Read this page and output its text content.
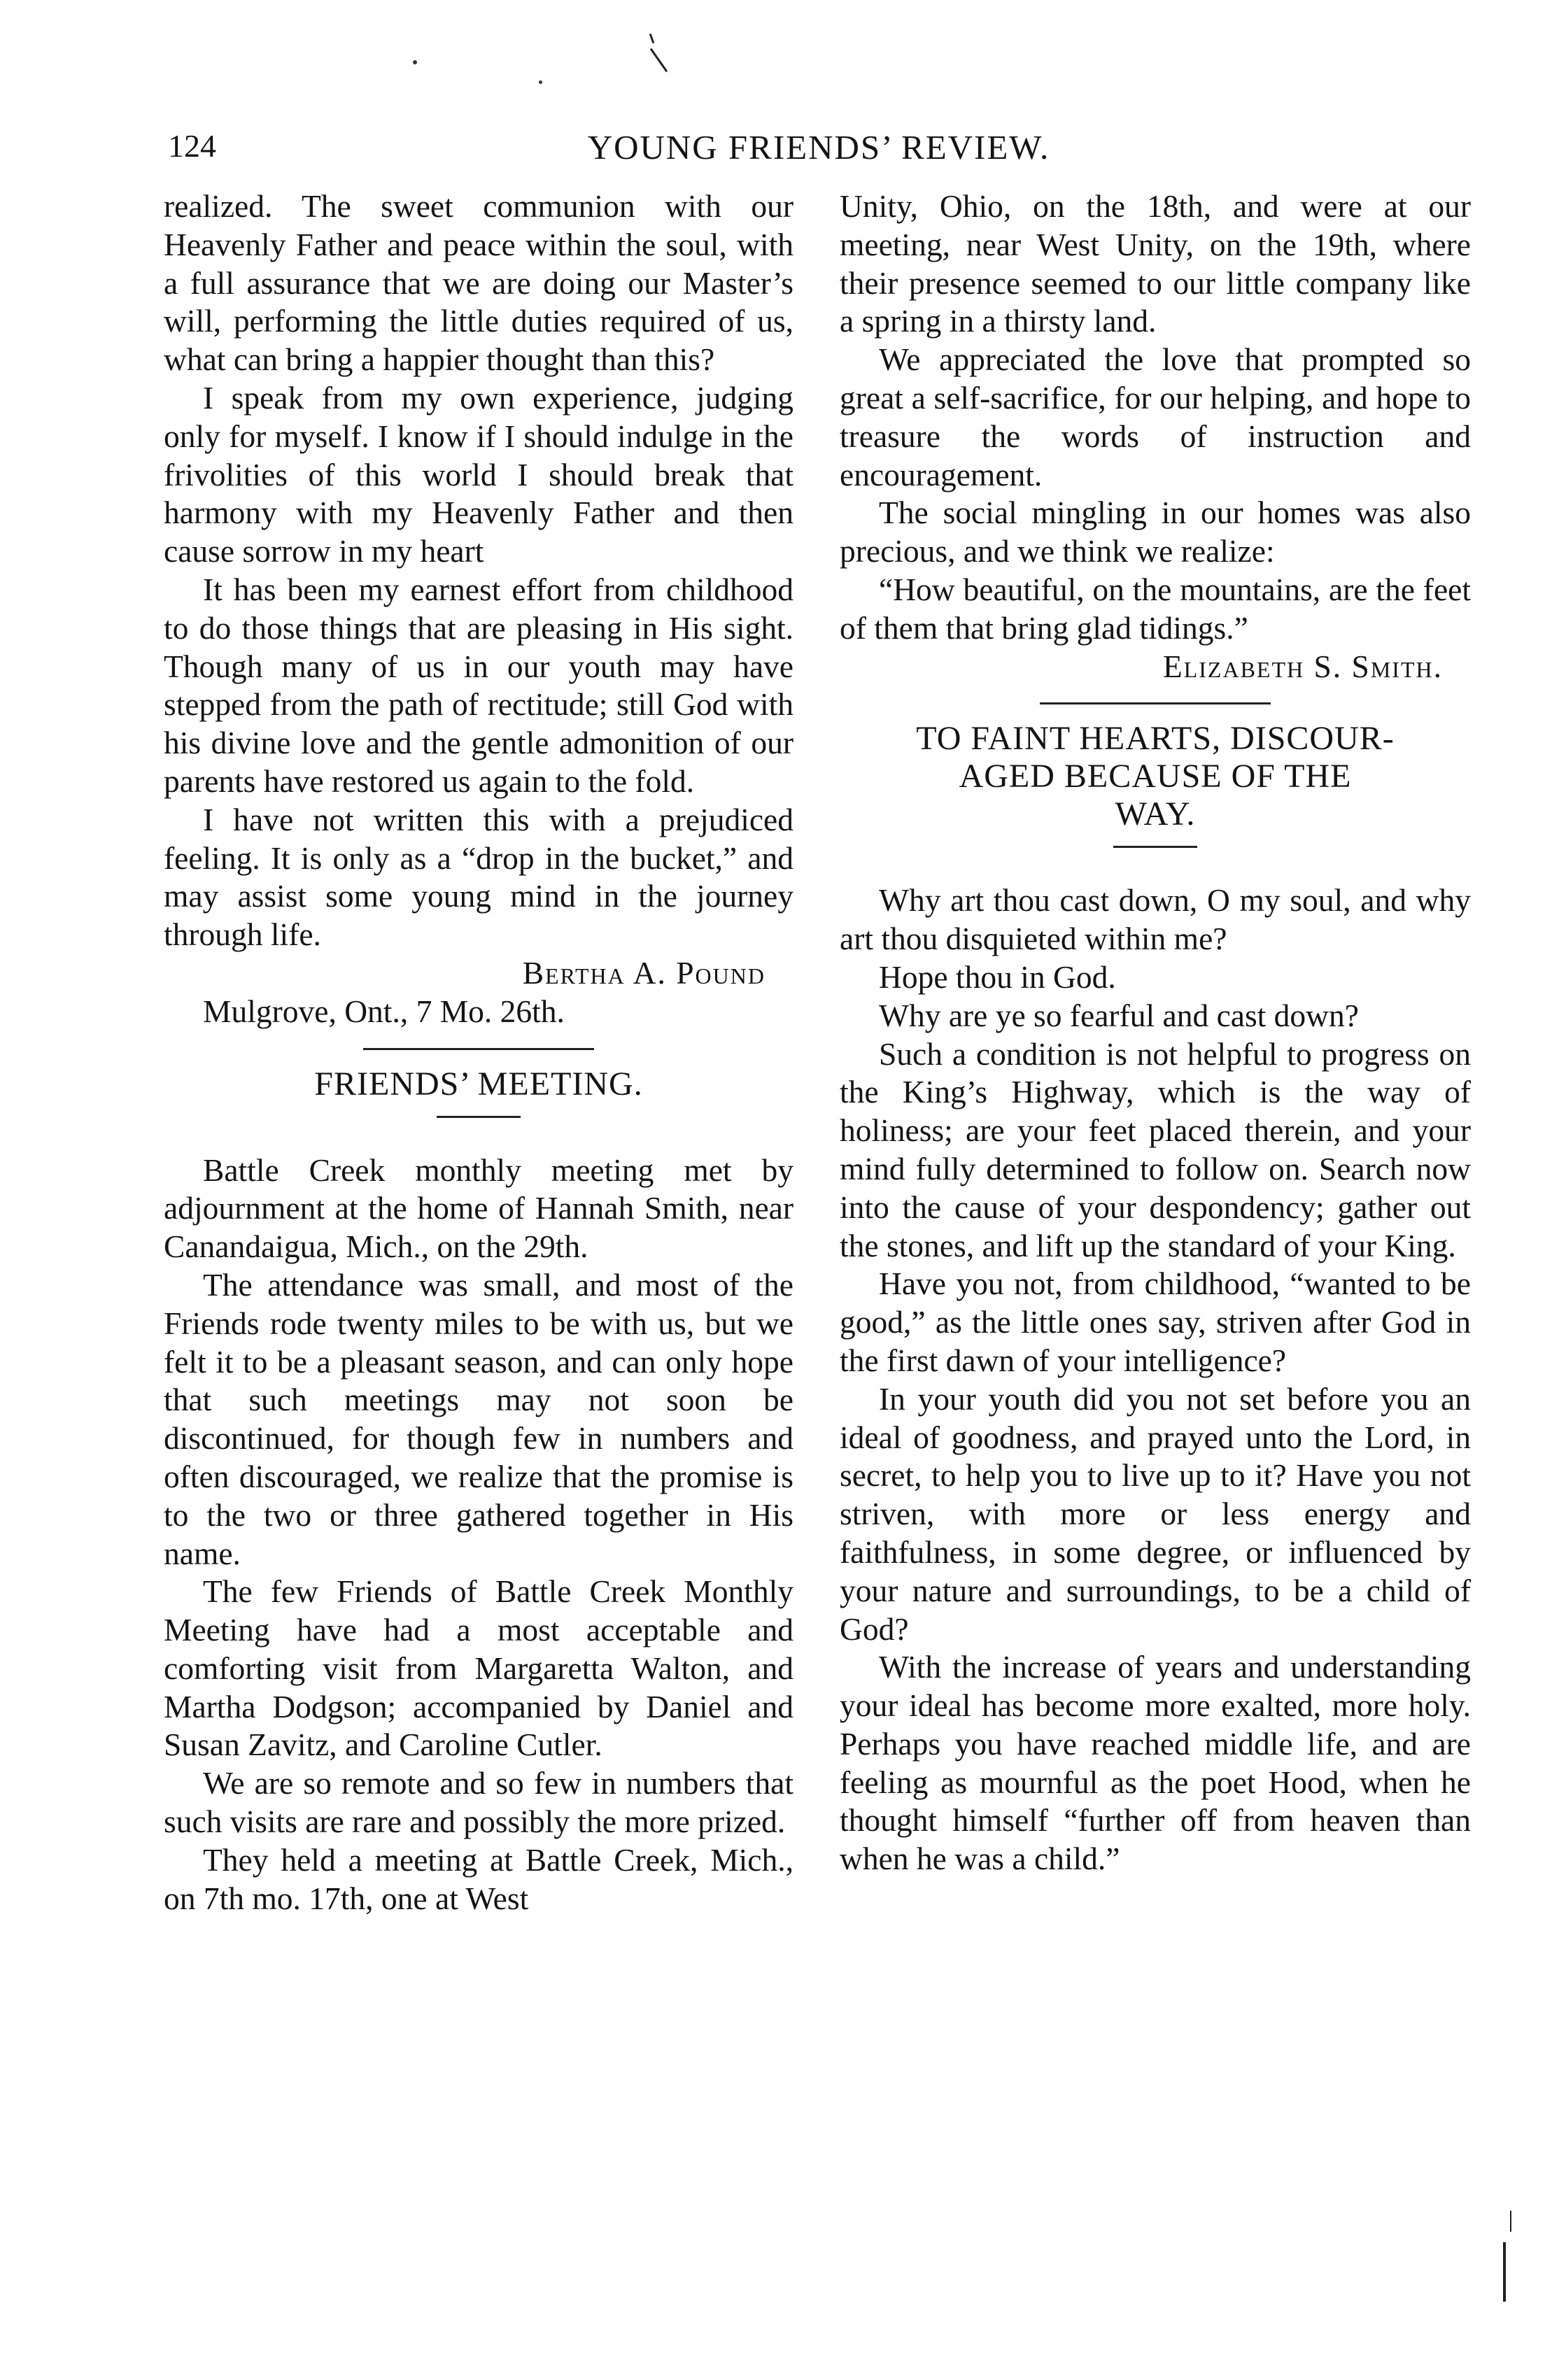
124	YOUNG FRIENDS’ REVIEW.

realized. The sweet communion with our Heavenly Father and peace within the soul, with a full assurance that we are doing our Master’s will, performing the little duties required of us, what can bring a happier thought than this?

I speak from my own experience, judging only for myself. I know if I should indulge in the frivolities of this world I should break that harmony with my Heavenly Father and then cause sorrow in my heart

It has been my earnest effort from childhood to do those things that are pleasing in His sight. Though many of us in our youth may have stepped from the path of rectitude; still God with his divine love and the gentle admonition of our parents have restored us again to the fold.

I have not written this with a prejudiced feeling. It is only as a “drop in the bucket,” and may assist some young mind in the journey through life.

Bertha A. Pound
Mulgrove, Ont., 7 Mo. 26th.
FRIENDS’ MEETING.

Battle Creek monthly meeting met by adjournment at the home of Hannah Smith, near Canandaigua, Mich., on the 29th.

The attendance was small, and most of the Friends rode twenty miles to be with us, but we felt it to be a pleasant season, and can only hope that such meetings may not soon be discontinued, for though few in numbers and often discouraged, we realize that the promise is to the two or three gathered together in His name.

The few Friends of Battle Creek Monthly Meeting have had a most acceptable and comforting visit from Margaretta Walton, and Martha Dodgson; accompanied by Daniel and Susan Zavitz, and Caroline Cutler.

We are so remote and so few in numbers that such visits are rare and possibly the more prized.

They held a meeting at Battle Creek, Mich., on 7th mo. 17th, one at West

Unity, Ohio, on the 18th, and were at our meeting, near West Unity, on the 19th, where their presence seemed to our little company like a spring in a thirsty land.

We appreciated the love that prompted so great a self-sacrifice, for our helping, and hope to treasure the words of instruction and encouragement.

The social mingling in our homes was also precious, and we think we realize:

“How beautiful, on the mountains, are the feet of them that bring glad tidings.”

Elizabeth S. Smith.
TO FAINT HEARTS, DISCOUR-
AGED BECAUSE OF THE
WAY.

Why art thou cast down, O my soul, and why art thou disquieted within me?

Hope thou in God.

Why are ye so fearful and cast down?

Such a condition is not helpful to progress on the King’s Highway, which is the way of holiness; are your feet placed therein, and your mind fully determined to follow on. Search now into the cause of your despondency; gather out the stones, and lift up the standard of your King.

Have you not, from childhood, “wanted to be good,” as the little ones say, striven after God in the first dawn of your intelligence?

In your youth did you not set before you an ideal of goodness, and prayed unto the Lord, in secret, to help you to live up to it? Have you not striven, with more or less energy and faithfulness, in some degree, or influenced by your nature and surroundings, to be a child of God?

With the increase of years and understanding your ideal has become more exalted, more holy. Perhaps you have reached middle life, and are feeling as mournful as the poet Hood, when he thought himself “further off from heaven than when he was a child.”
